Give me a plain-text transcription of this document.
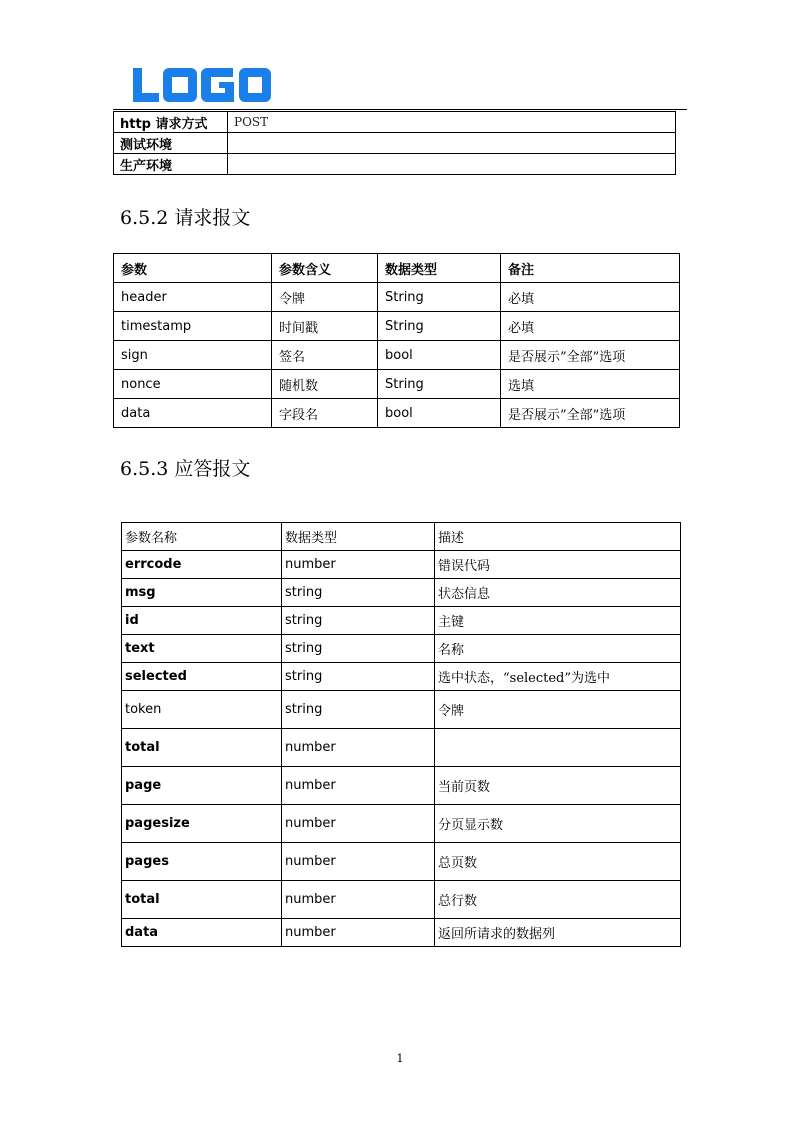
http 请求方式	POST
测试环境	
生产环境	
6.5.2 请求报文
参数	参数含义	数据类型	备注
header	令牌	String	必填
timestamp	时间戳	String	必填
sign	签名	bool	是否展示”全部”选项
nonce	随机数	String	选填
data	字段名	bool	是否展示”全部”选项
6.5.3 应答报文
参数名称	数据类型	描述
errcode	number	错误代码
msg	string	状态信息
id	string	主键
text	string	名称
selected	string	选中状态，“selected”为选中
token	string	令牌
total	number	
page	number	当前页数
pagesize	number	分页显示数
pages	number	总页数
total	number	总行数
data	number	返回所请求的数据列
1
